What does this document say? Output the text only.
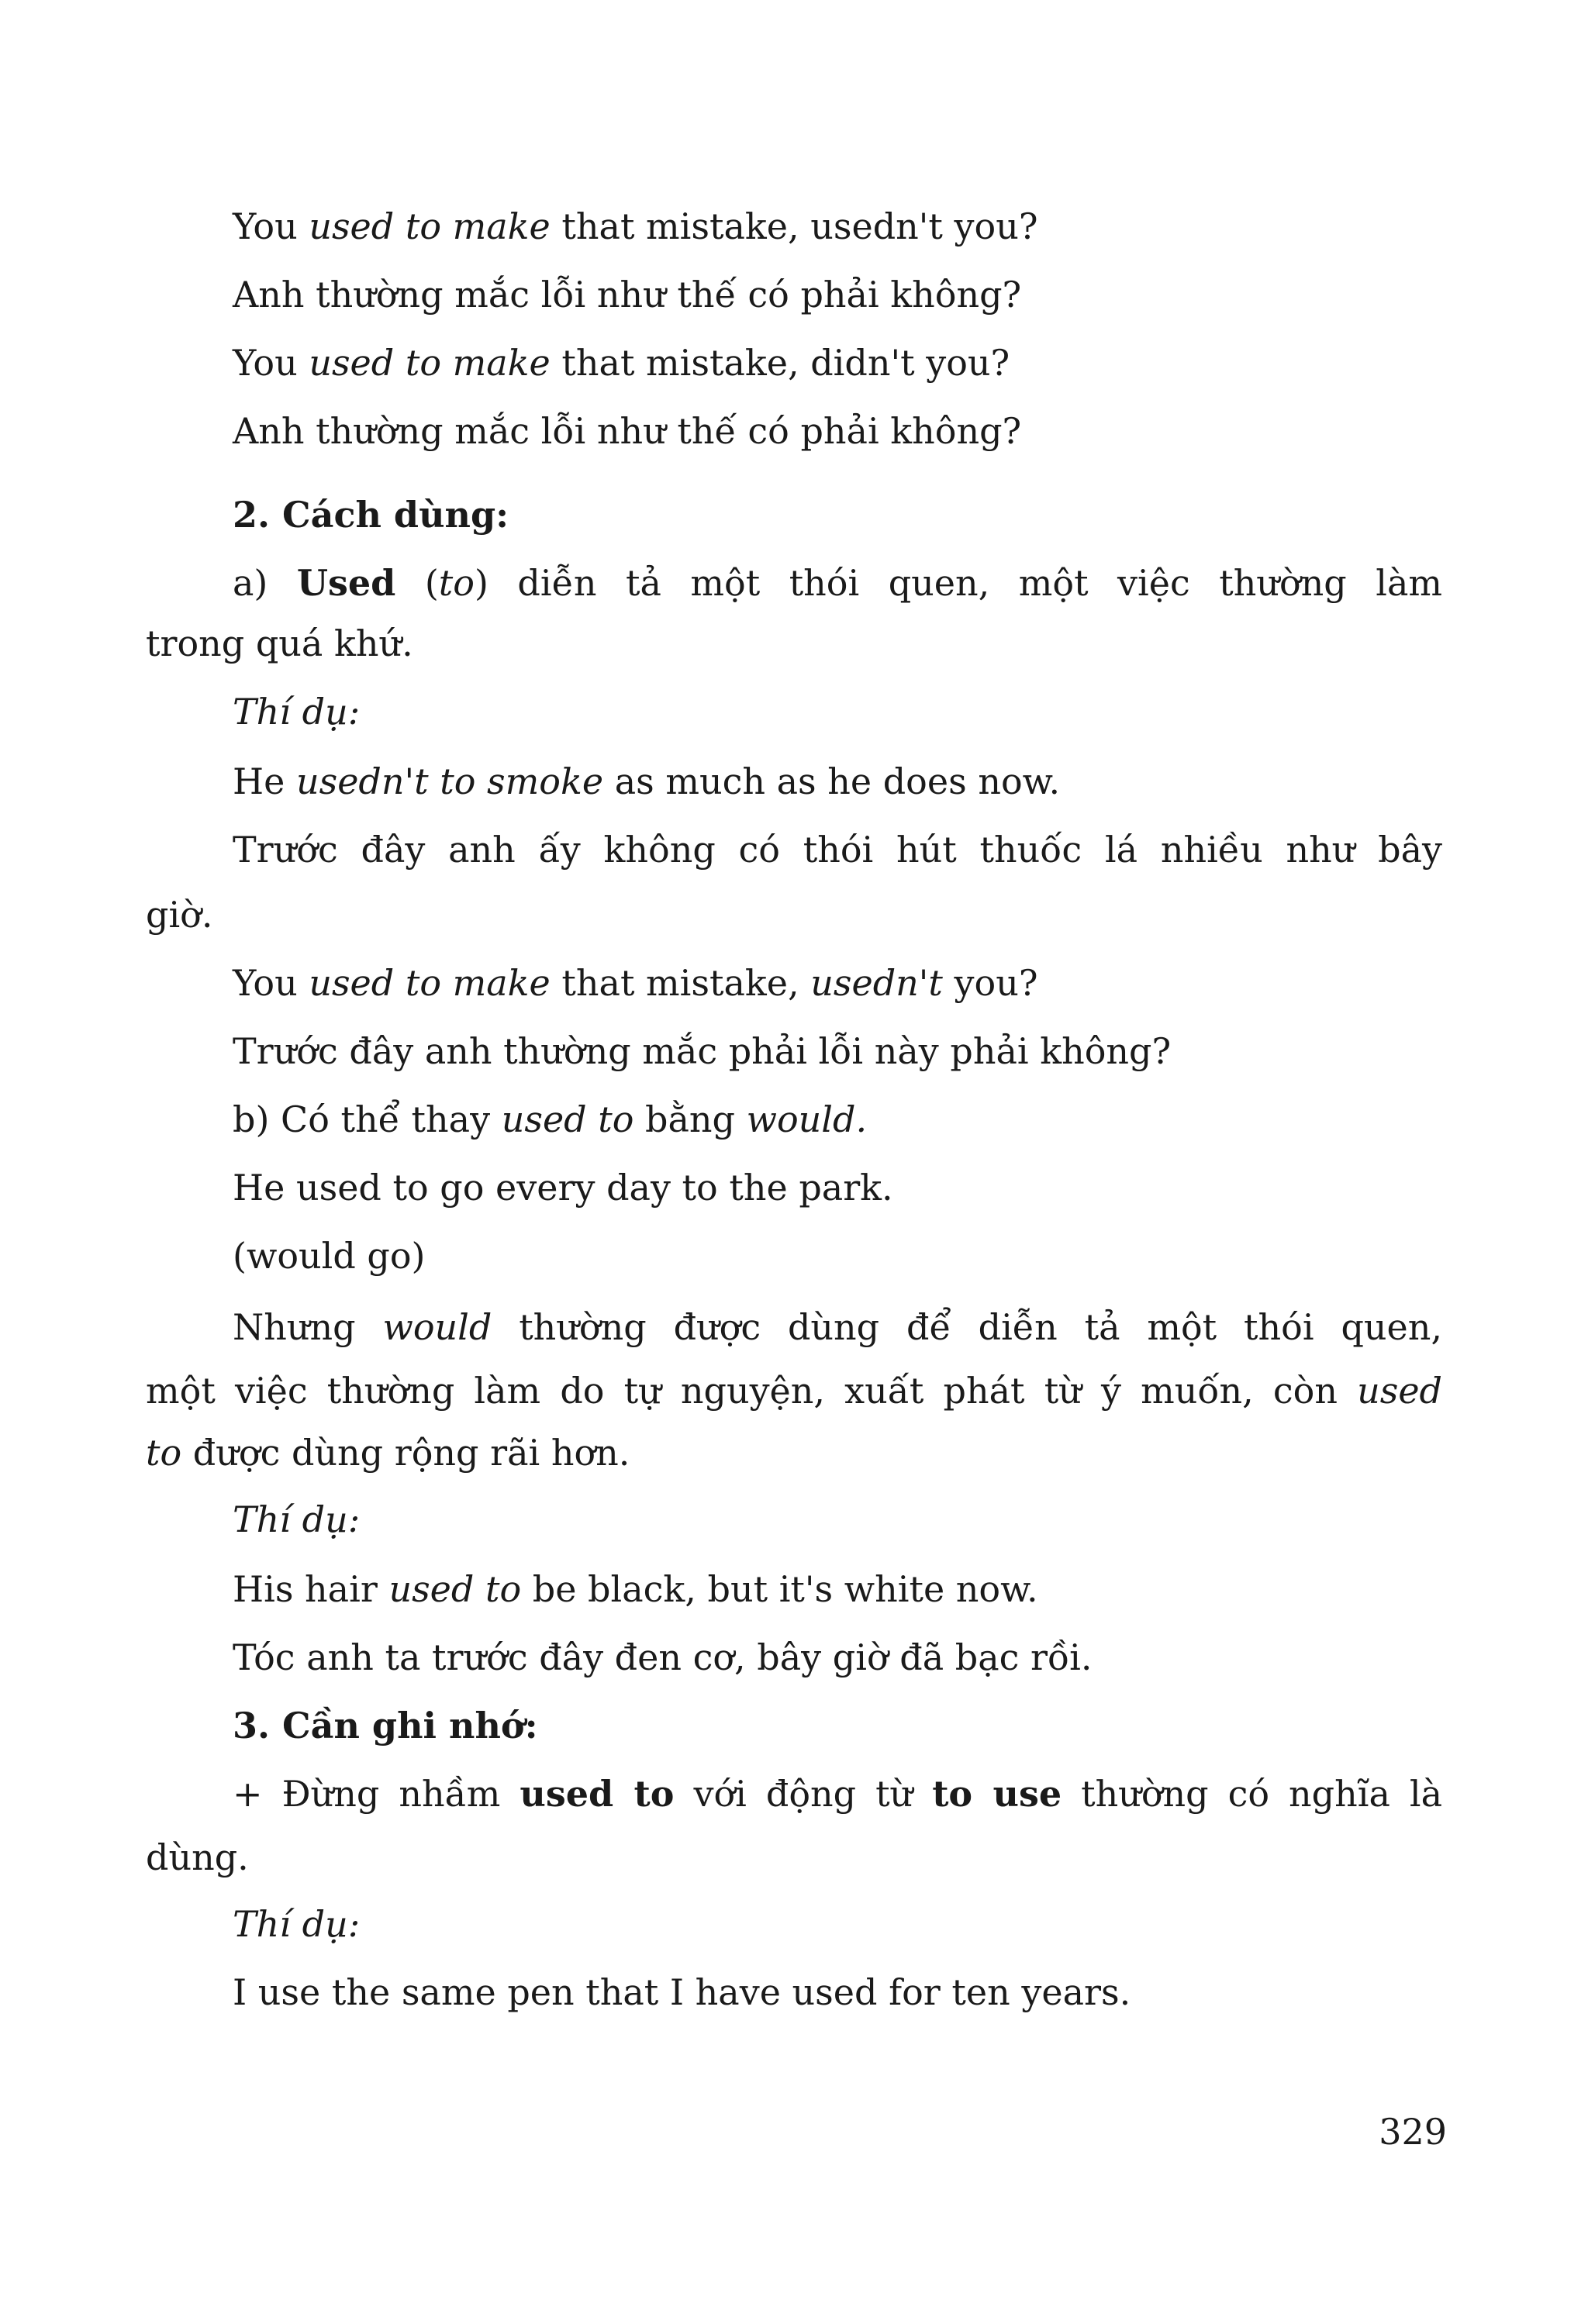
You used to make that mistake, usedn't you?
Anh thường mắc lỗi như thế có phải không?
You used to make that mistake, didn't you?
Anh thường mắc lỗi như thế có phải không?
2. Cách dùng:
a) Used (to) diễn tả một thói quen, một việc thường làm
trong quá khứ.
Thí dụ:
He usedn't to smoke as much as he does now.
Trước đây anh ấy không có thói hút thuốc lá nhiều như bây
giờ.
You used to make that mistake, usedn't you?
Trước đây anh thường mắc phải lỗi này phải không?
b) Có thể thay used to bằng would.
He used to go every day to the park.
(would go)
Nhưng would thường được dùng để diễn tả một thói quen,
một việc thường làm do tự nguyện, xuất phát từ ý muốn, còn used
to được dùng rộng rãi hơn.
Thí dụ:
His hair used to be black, but it's white now.
Tóc anh ta trước đây đen cơ, bây giờ đã bạc rồi.
3. Cần ghi nhớ:
+ Đừng nhầm used to với động từ to use thường có nghĩa là
dùng.
Thí dụ:
I use the same pen that I have used for ten years.
329
